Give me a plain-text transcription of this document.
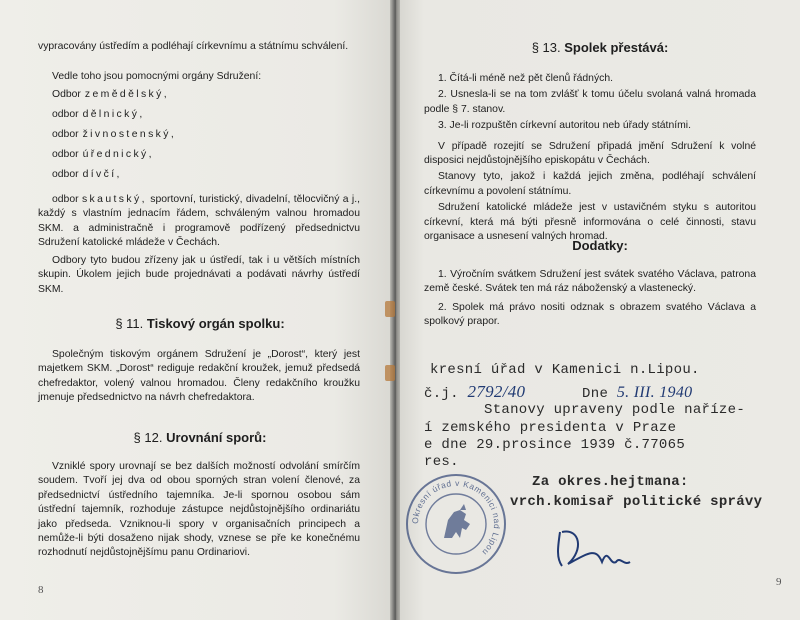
vypracovány ústředím a podléhají církevnímu a státnímu schválení.
Vedle toho jsou pomocnými orgány Sdružení:
Odbor zemědělský,
odbor dělnický,
odbor živnostenský,
odbor úřednický,
odbor dívčí,
odbor skautský, sportovní, turistický, divadelní, tělocvičný a j., každý s vlastním jednacím řádem, schváleným valnou hromadou SKM. a administračně i programově podřízený předsednictvu Sdružení katolické mládeže v Čechách.
Odbory tyto budou zřízeny jak u ústředí, tak i u větších místních skupin. Úkolem jejich bude projednávati a podávati návrhy ústředí SKM.
§ 11. Tiskový orgán spolku:
Společným tiskovým orgánem Sdružení je „Dorost“, který jest majetkem SKM. „Dorost“ rediguje redakční kroužek, jemuž předsedá chefredaktor, volený valnou hromadou. Členy redakčního kroužku jmenuje předsednictvo na návrh chefredaktora.
§ 12. Urovnání sporů:
Vzniklé spory urovnají se bez dalších možností odvolání smírčím soudem. Tvoří jej dva od obou sporných stran volení členové, za předsednictví ústředního tajemníka. Je-li spornou osobou sám ústřední tajemník, rozhoduje zástupce nejdůstojnějšího ordinariátu jako předseda. Vzniknou-li spory v organisačních principech a nemůže-li býti dosaženo nijak shody, vznese se pře ke konečnému rozhodnutí nejdůstojnějšímu panu Ordinariovi.
8
§ 13. Spolek přestává:

1. Čítá-li méně než pět členů řádných.

2. Usnesla-li se na tom zvlášť k tomu účelu svolaná valná hromada podle § 7. stanov.

3. Je-li rozpuštěn církevní autoritou neb úřady státními.

V případě rozejití se Sdružení připadá jmění Sdružení k volné disposici nejdůstojnějšího episkopátu v Čechách.

Stanovy tyto, jakož i každá jejich změna, podléhají schválení církevnímu a povolení státnímu.

Sdružení katolické mládeže jest v ustavičném styku s autoritou církevní, která má býti přesně informována o celé činnosti, stavu organisace a usnesení valných hromad.

Dodatky:

1. Výročním svátkem Sdružení jest svátek svatého Václava, patrona země české. Svátek ten má ráz náboženský a vlastenecký.

2. Spolek má právo nositi odznak s obrazem svatého Václava a spolkový prapor.

kresní úřad v Kamenici n.Lipou.
č.j. 2792/40	Dne 5. III. 1940
Stanovy upraveny podle naříze-
í zemského presidenta v Praze
e dne 29.prosince 1939 č.77065
res.
Za okres.hejtmana:
vrch.komisař politické správy
Okresní úřad v Kamenici nad Lipou
9
